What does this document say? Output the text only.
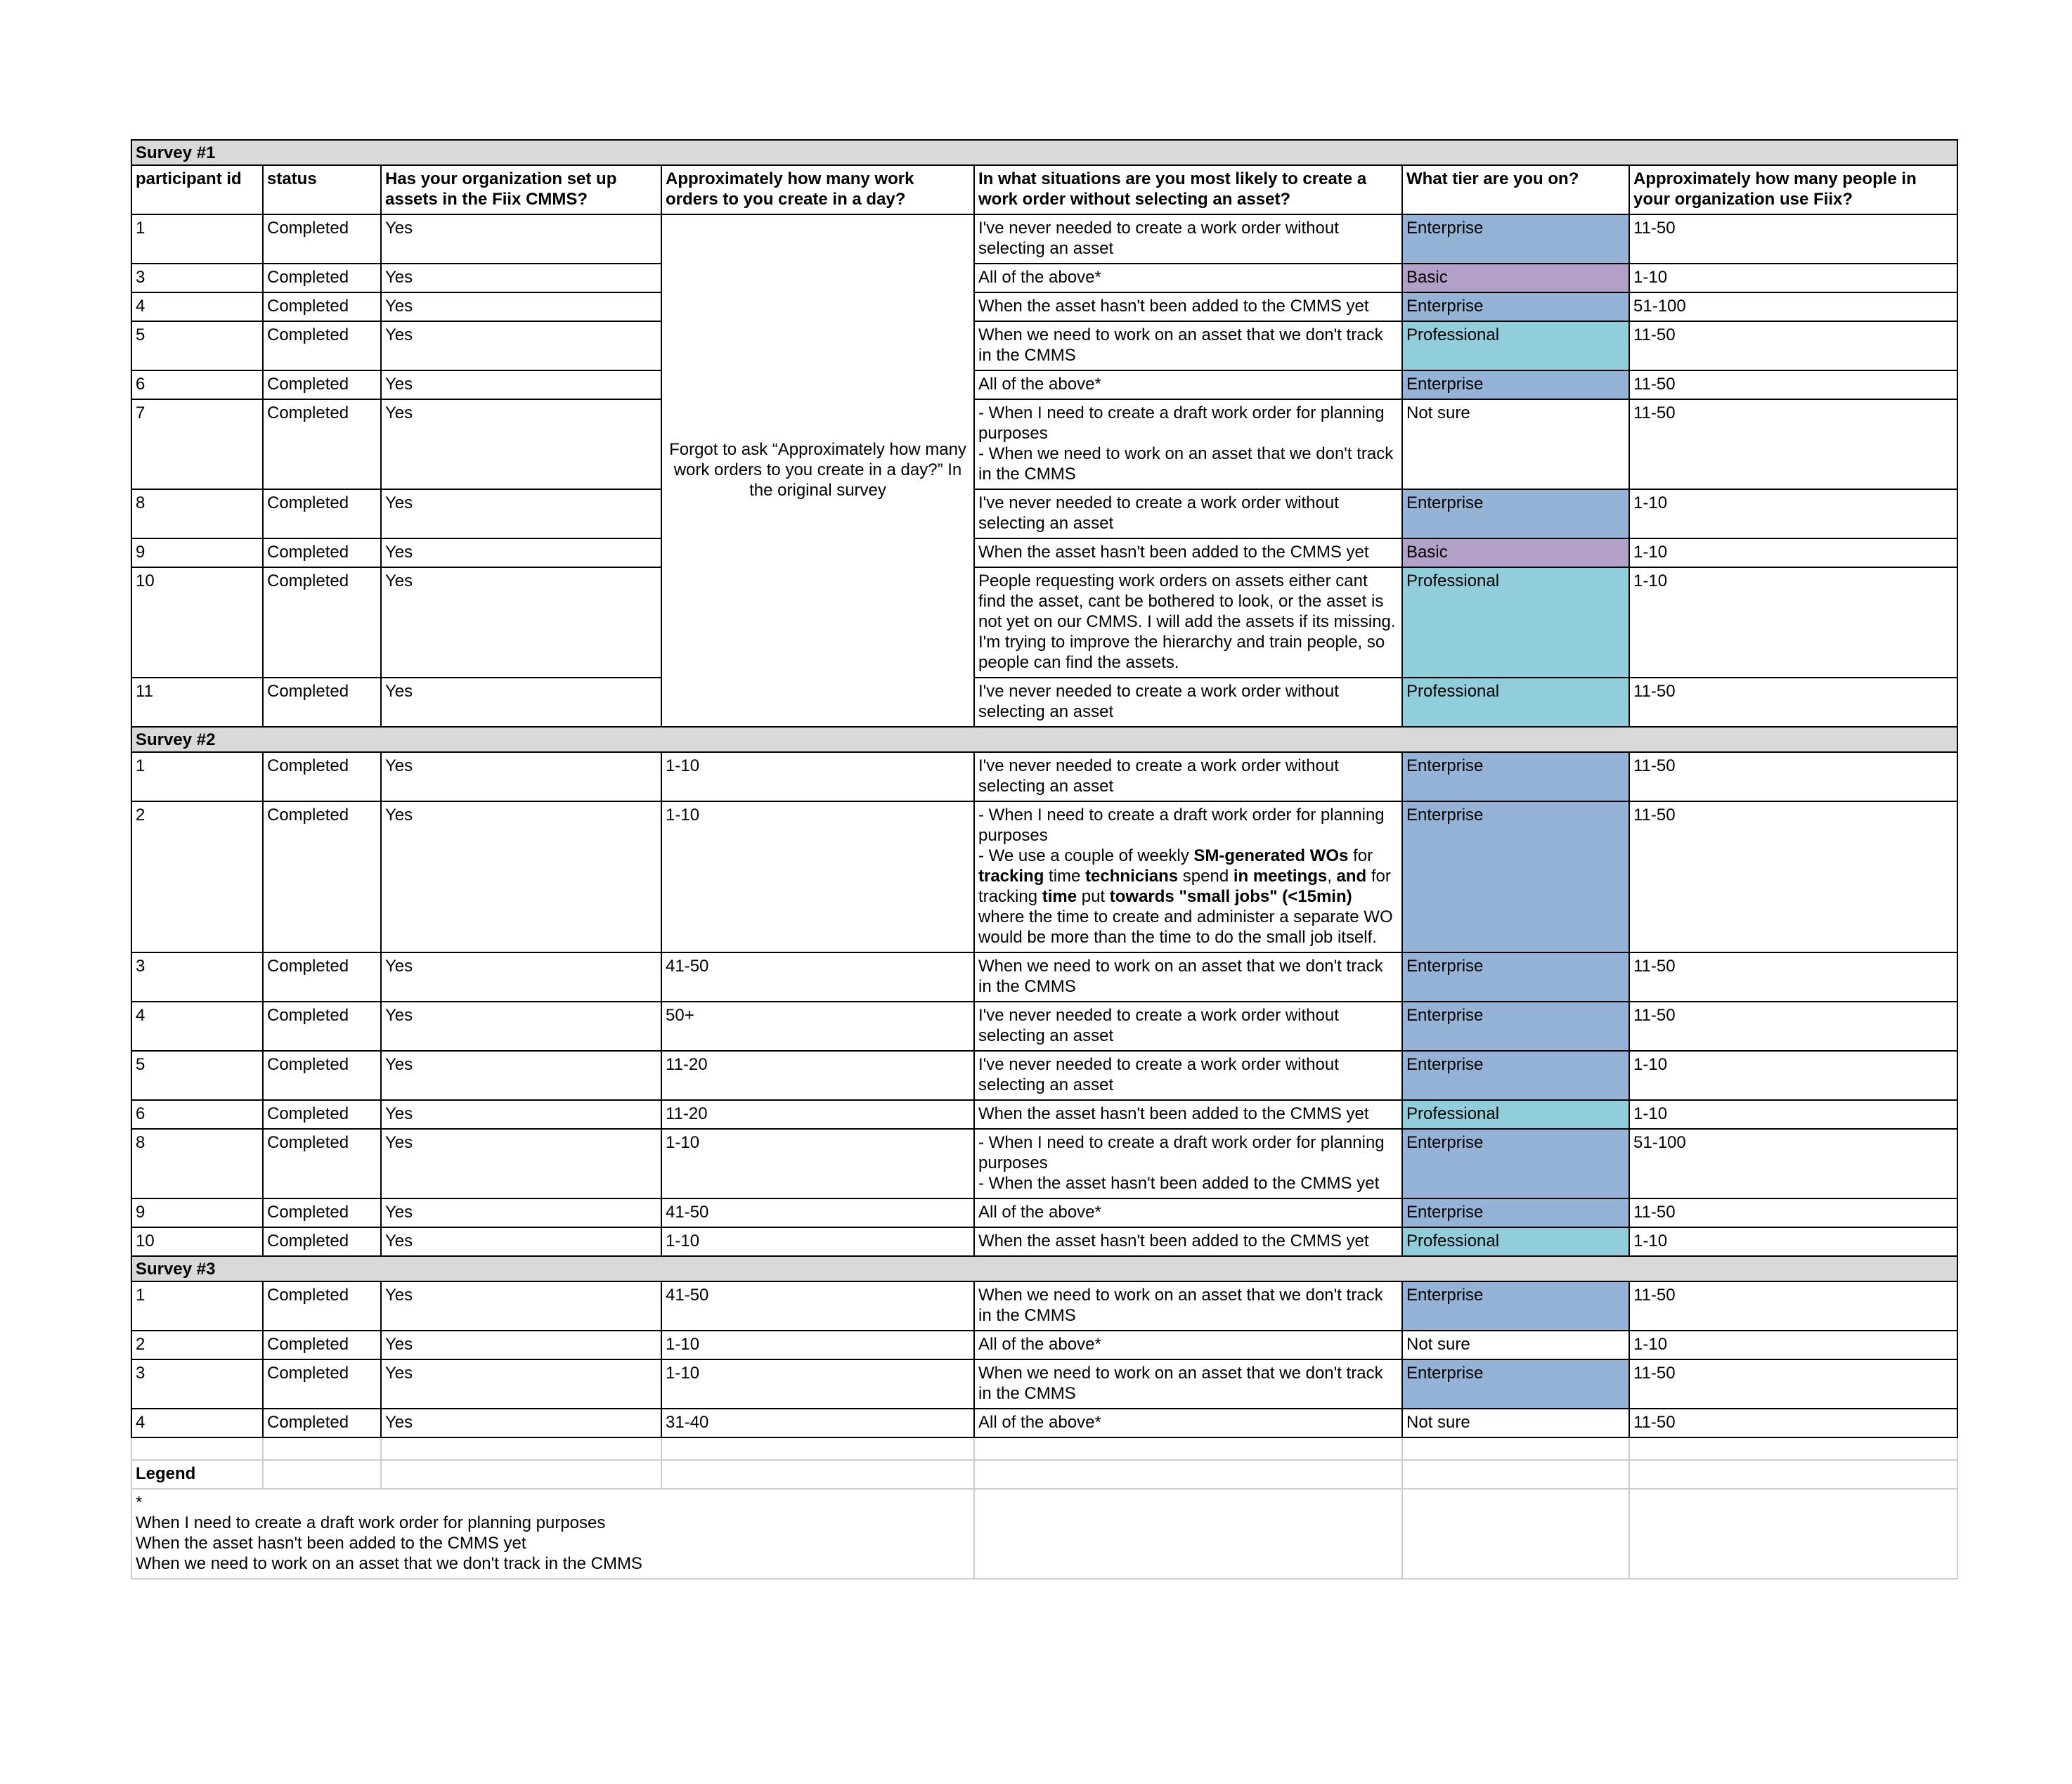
Survey #1						
participant id	status	Has your organization set up assets in the Fiix CMMS?	Approximately how many work orders to you create in a day?	In what situations are you most likely to create a work order without selecting an asset?	What tier are you on?	Approximately how many people in your organization use Fiix?
1	Completed	Yes	Forgot to ask “Approximately how many work orders to you create in a day?” In the original survey	I've never needed to create a work order without selecting an asset	Enterprise	11-50
3	Completed	Yes		All of the above*	Basic	1-10
4	Completed	Yes		When the asset hasn't been added to the CMMS yet	Enterprise	51-100
5	Completed	Yes		When we need to work on an asset that we don't track in the CMMS	Professional	11-50
6	Completed	Yes		All of the above*	Enterprise	11-50
7	Completed	Yes		- When I need to create a draft work order for planning purposes
- When we need to work on an asset that we don't track in the CMMS	Not sure	11-50
8	Completed	Yes		I've never needed to create a work order without selecting an asset	Enterprise	1-10
9	Completed	Yes		When the asset hasn't been added to the CMMS yet	Basic	1-10
10	Completed	Yes		People requesting work orders on assets either cant find the asset, cant be bothered to look, or the asset is not yet on our CMMS. I will add the assets if its missing. I'm trying to improve the hierarchy and train people, so people can find the assets.	Professional	1-10
11	Completed	Yes		I've never needed to create a work order without selecting an asset	Professional	11-50
Survey #2						
1	Completed	Yes	1-10	I've never needed to create a work order without selecting an asset	Enterprise	11-50
2	Completed	Yes	1-10	- When I need to create a draft work order for planning purposes
- We use a couple of weekly SM-generated WOs for tracking time technicians spend in meetings, and for tracking time put towards "small jobs" (<15min) where the time to create and administer a separate WO would be more than the time to do the small job itself.	Enterprise	11-50
3	Completed	Yes	41-50	When we need to work on an asset that we don't track in the CMMS	Enterprise	11-50
4	Completed	Yes	50+	I've never needed to create a work order without selecting an asset	Enterprise	11-50
5	Completed	Yes	11-20	I've never needed to create a work order without selecting an asset	Enterprise	1-10
6	Completed	Yes	11-20	When the asset hasn't been added to the CMMS yet	Professional	1-10
8	Completed	Yes	1-10	- When I need to create a draft work order for planning purposes
- When the asset hasn't been added to the CMMS yet	Enterprise	51-100
9	Completed	Yes	41-50	All of the above*	Enterprise	11-50
10	Completed	Yes	1-10	When the asset hasn't been added to the CMMS yet	Professional	1-10
Survey #3						
1	Completed	Yes	41-50	When we need to work on an asset that we don't track in the CMMS	Enterprise	11-50
2	Completed	Yes	1-10	All of the above*	Not sure	1-10
3	Completed	Yes	1-10	When we need to work on an asset that we don't track in the CMMS	Enterprise	11-50
4	Completed	Yes	31-40	All of the above*	Not sure	11-50

Legend						

*
When I need to create a draft work order for planning purposes
When the asset hasn't been added to the CMMS yet
When we need to work on an asset that we don't track in the CMMS						
